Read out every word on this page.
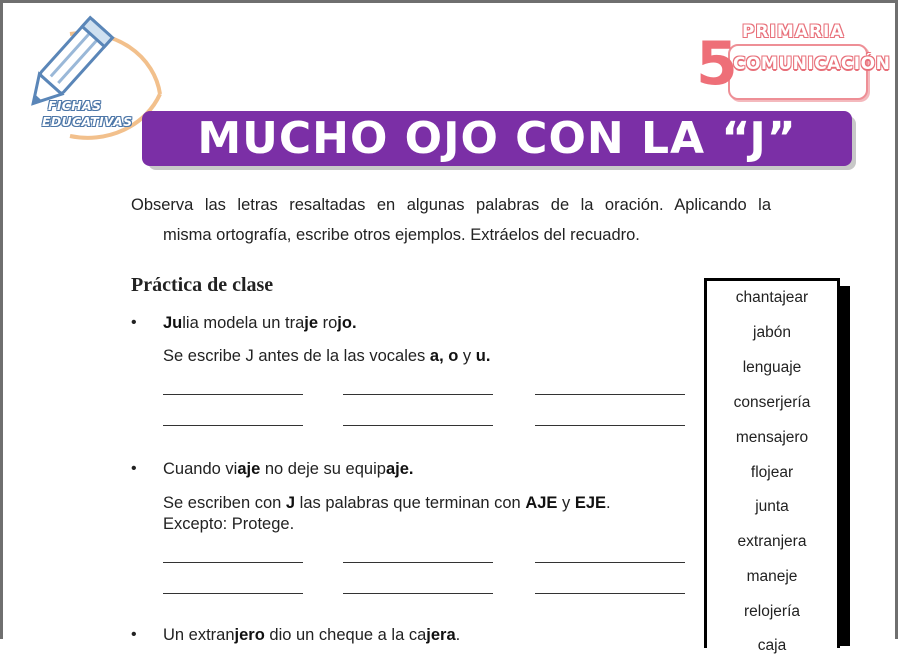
FICHAS
EDUCATIVAS
PRIMARIA
5
COMUNICACIÓN
MUCHO OJO CON LA “J”
Observa las letras resaltadas en algunas palabras de la oración. Aplicando la
misma ortografía, escribe otros ejemplos. Extráelos del recuadro.
Práctica de clase
• Julia modela un traje rojo.
Se escribe J antes de la las vocales a, o y u.
• Cuando viaje no deje su equipaje.
Se escriben con J las palabras que terminan con AJE y EJE.
Excepto: Protege.
• Un extranjero dio un cheque a la cajera.
chantajear
jabón
lenguaje
conserjería
mensajero
flojear
junta
extranjera
maneje
relojería
caja
